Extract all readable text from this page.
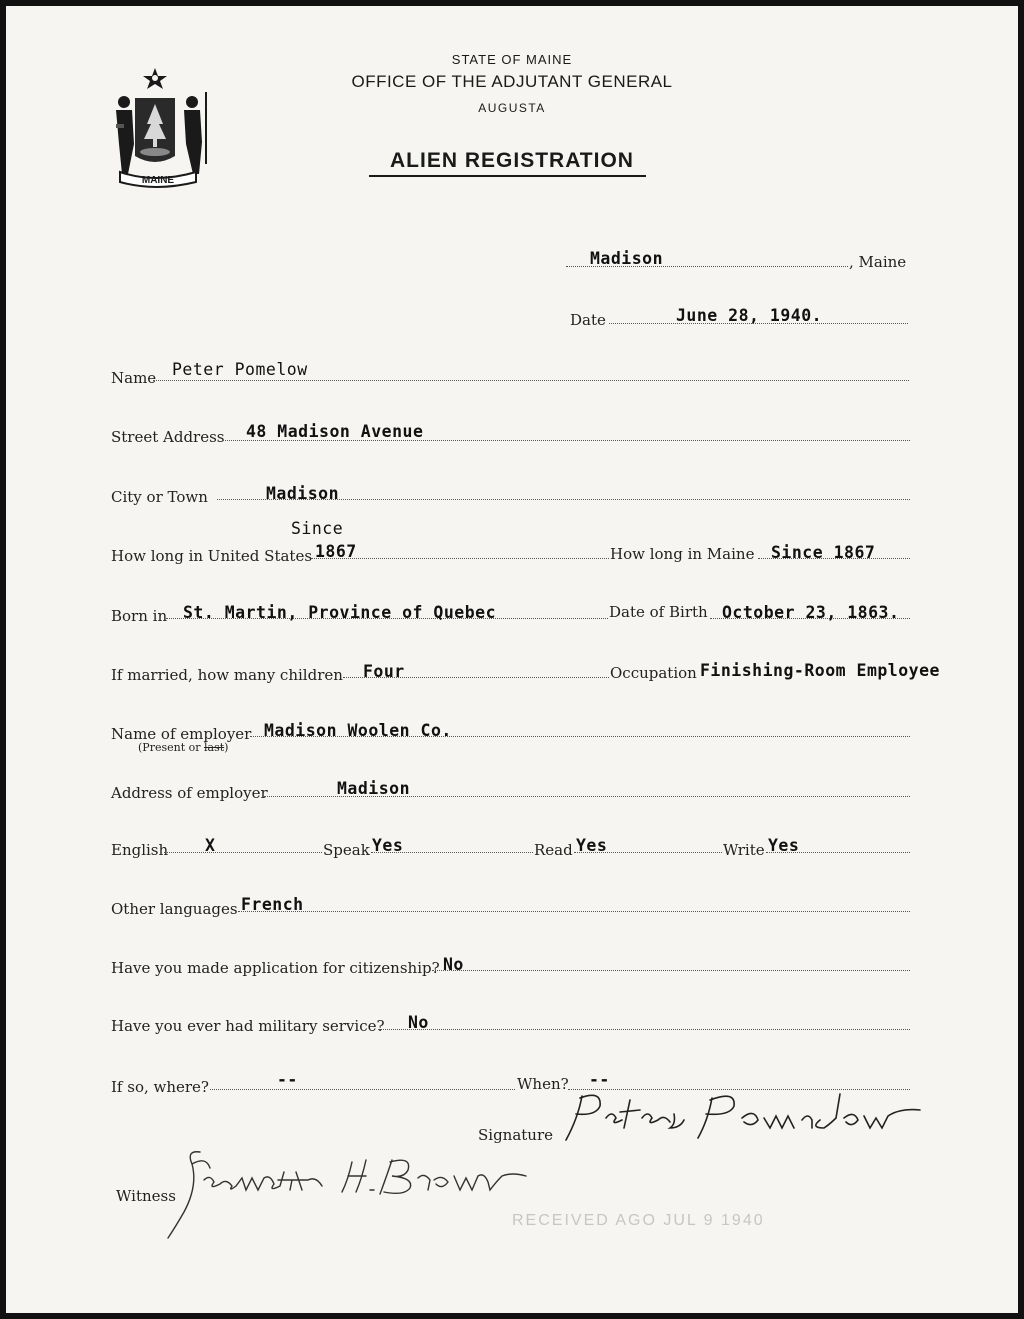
MAINE
STATE OF MAINE
OFFICE OF THE ADJUTANT GENERAL
AUGUSTA
ALIEN REGISTRATION
Madison	, Maine
Date	June 28, 1940.
Name Peter Pomelow
Street Address 48 Madison Avenue
City or Town	Madison
Since
How long in United States 1867	How long in Maine Since 1867
Born in St. Martin, Province of Quebec	Date of Birth October 23, 1863.
If married, how many children Four	Occupation Finishing-Room Employee
Name of employer Madison Woolen Co.
(Present or last)
Address of employer	Madison
English X	Speak Yes	Read Yes	Write Yes
Other languages French
Have you made application for citizenship? No
Have you ever had military service? No
If so, where?	--	When? --
Signature
Witness
RECEIVED AGO JUL 9 1940
